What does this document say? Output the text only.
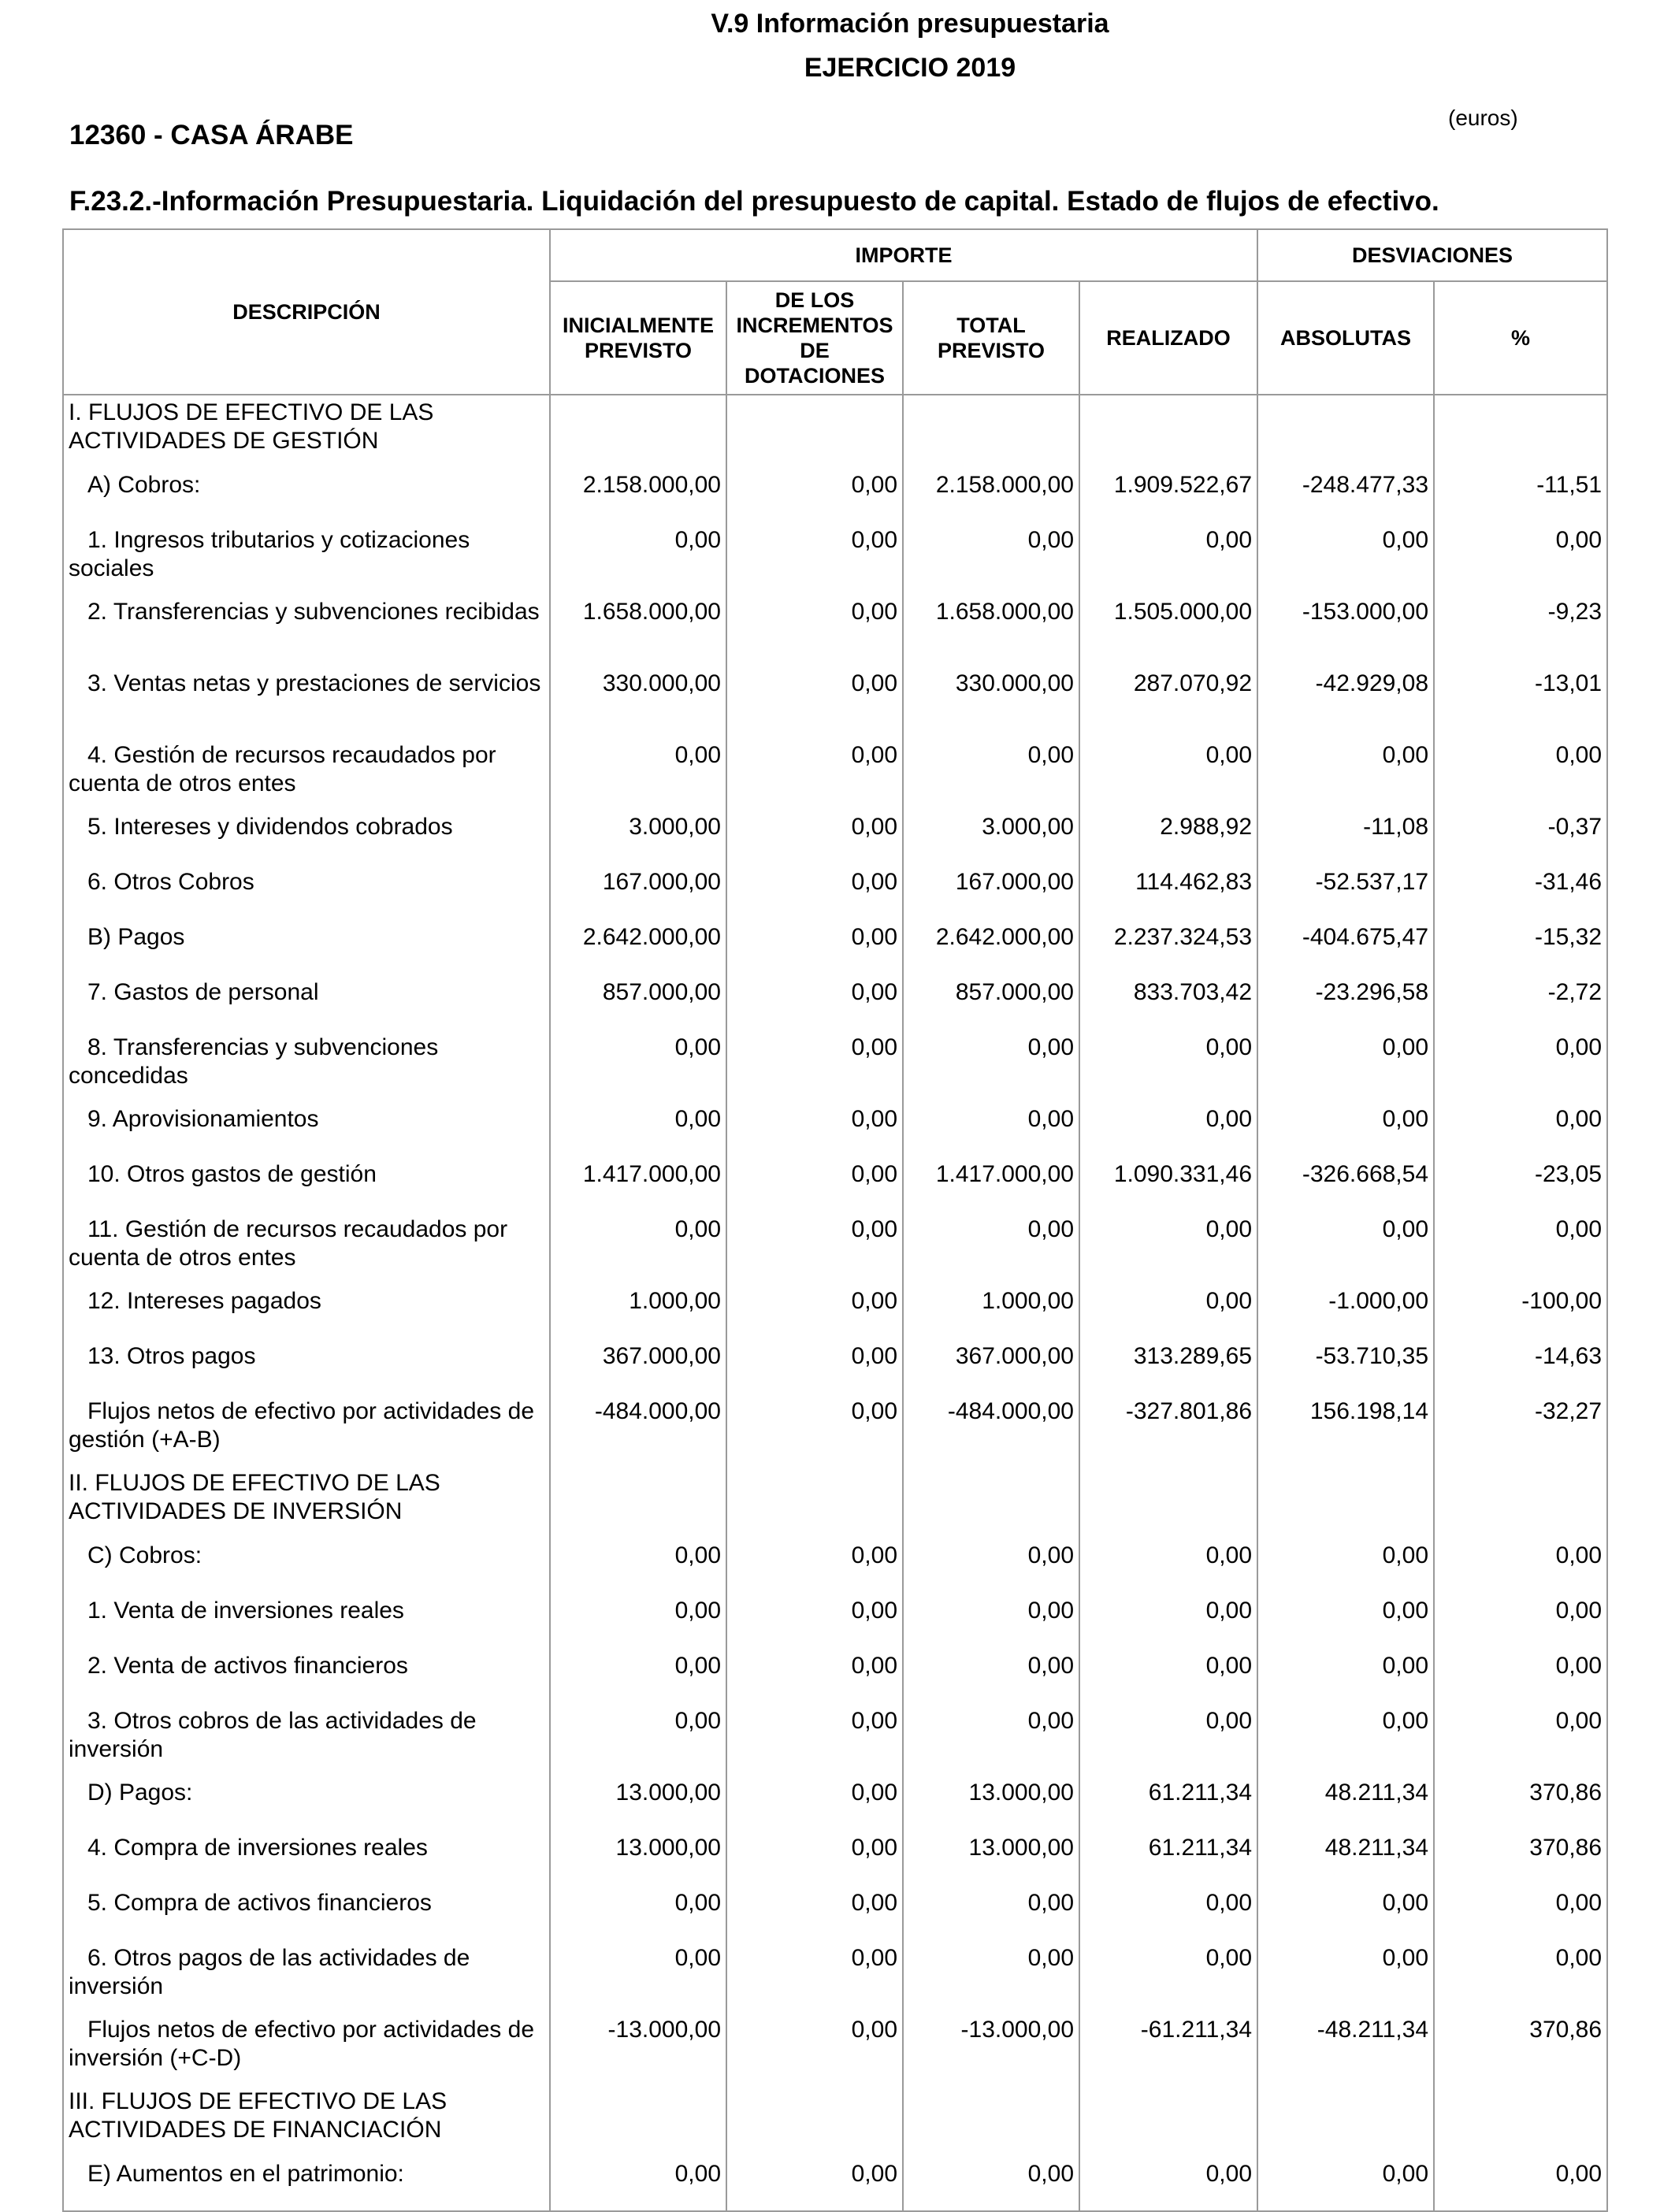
V.9 Información presupuestaria
EJERCICIO 2019
12360 - CASA ÁRABE
(euros)
F.23.2.-Información Presupuestaria. Liquidación del presupuesto de capital. Estado de flujos de efectivo.
DESCRIPCIÓN	IMPORTE				DESVIACIONES	
	INICIALMENTE PREVISTO	DE LOS INCREMENTOS DE DOTACIONES	TOTAL PREVISTO	REALIZADO	ABSOLUTAS	%
I. FLUJOS DE EFECTIVO DE LAS ACTIVIDADES DE GESTIÓN						
A) Cobros:	2.158.000,00	0,00	2.158.000,00	1.909.522,67	-248.477,33	-11,51
1. Ingresos tributarios y cotizaciones sociales	0,00	0,00	0,00	0,00	0,00	0,00
2. Transferencias y subvenciones recibidas	1.658.000,00	0,00	1.658.000,00	1.505.000,00	-153.000,00	-9,23
3. Ventas netas y prestaciones de servicios	330.000,00	0,00	330.000,00	287.070,92	-42.929,08	-13,01
4. Gestión de recursos recaudados por cuenta de otros entes	0,00	0,00	0,00	0,00	0,00	0,00
5. Intereses y dividendos cobrados	3.000,00	0,00	3.000,00	2.988,92	-11,08	-0,37
6. Otros Cobros	167.000,00	0,00	167.000,00	114.462,83	-52.537,17	-31,46
B) Pagos	2.642.000,00	0,00	2.642.000,00	2.237.324,53	-404.675,47	-15,32
7. Gastos de personal	857.000,00	0,00	857.000,00	833.703,42	-23.296,58	-2,72
8. Transferencias y subvenciones concedidas	0,00	0,00	0,00	0,00	0,00	0,00
9. Aprovisionamientos	0,00	0,00	0,00	0,00	0,00	0,00
10. Otros gastos de gestión	1.417.000,00	0,00	1.417.000,00	1.090.331,46	-326.668,54	-23,05
11. Gestión de recursos recaudados por cuenta de otros entes	0,00	0,00	0,00	0,00	0,00	0,00
12. Intereses pagados	1.000,00	0,00	1.000,00	0,00	-1.000,00	-100,00
13. Otros pagos	367.000,00	0,00	367.000,00	313.289,65	-53.710,35	-14,63
Flujos netos de efectivo por actividades de gestión (+A-B)	-484.000,00	0,00	-484.000,00	-327.801,86	156.198,14	-32,27
II. FLUJOS DE EFECTIVO DE LAS ACTIVIDADES DE INVERSIÓN						
C) Cobros:	0,00	0,00	0,00	0,00	0,00	0,00
1. Venta de inversiones reales	0,00	0,00	0,00	0,00	0,00	0,00
2. Venta de activos financieros	0,00	0,00	0,00	0,00	0,00	0,00
3. Otros cobros de las actividades de inversión	0,00	0,00	0,00	0,00	0,00	0,00
D) Pagos:	13.000,00	0,00	13.000,00	61.211,34	48.211,34	370,86
4. Compra de inversiones reales	13.000,00	0,00	13.000,00	61.211,34	48.211,34	370,86
5. Compra de activos financieros	0,00	0,00	0,00	0,00	0,00	0,00
6. Otros pagos de las actividades de inversión	0,00	0,00	0,00	0,00	0,00	0,00
Flujos netos de efectivo por actividades de inversión (+C-D)	-13.000,00	0,00	-13.000,00	-61.211,34	-48.211,34	370,86
III. FLUJOS DE EFECTIVO DE LAS ACTIVIDADES DE FINANCIACIÓN						
E) Aumentos en el patrimonio:	0,00	0,00	0,00	0,00	0,00	0,00
